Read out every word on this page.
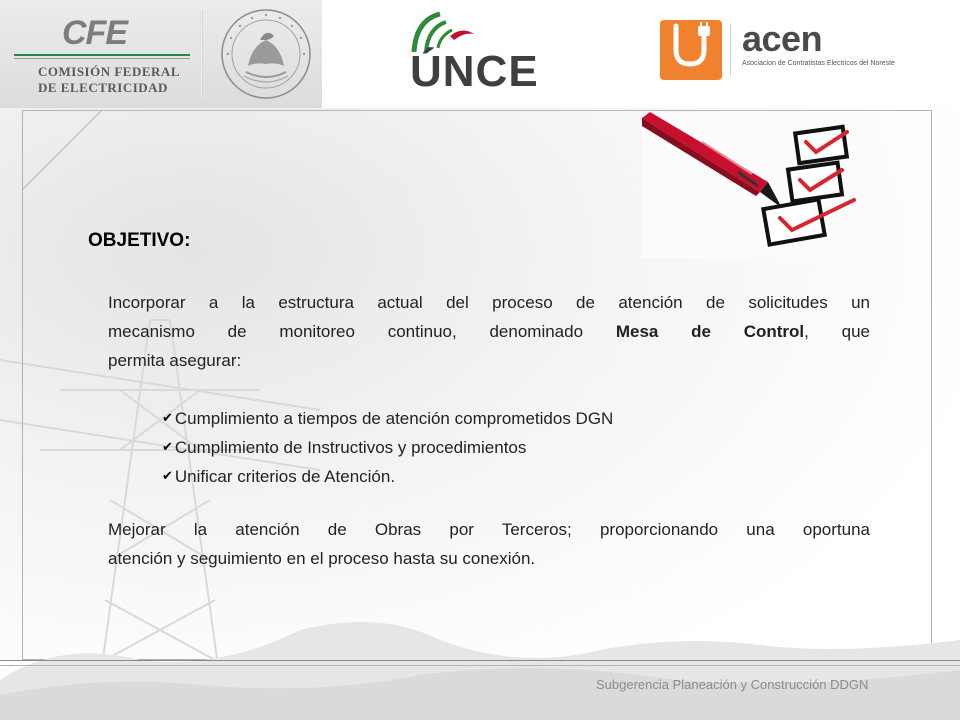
CFE
COMISIÓN FEDERAL
DE ELECTRICIDAD	ÚNCE
acen
Asociacion de Contratistas Electricos del Noreste
OBJETIVO:
Incorporar a la estructura actual del proceso de atención de solicitudes un
mecanismo de monitoreo continuo, denominado Mesa de Control, que
permita asegurar:
✔ Cumplimiento a tiempos de atención comprometidos DGN
✔ Cumplimiento de Instructivos y procedimientos
✔ Unificar criterios de Atención.
Mejorar la atención de Obras por Terceros; proporcionando una oportuna
atención y seguimiento en el proceso hasta su conexión.
Subgerencia Planeación y Construcción DDGN
